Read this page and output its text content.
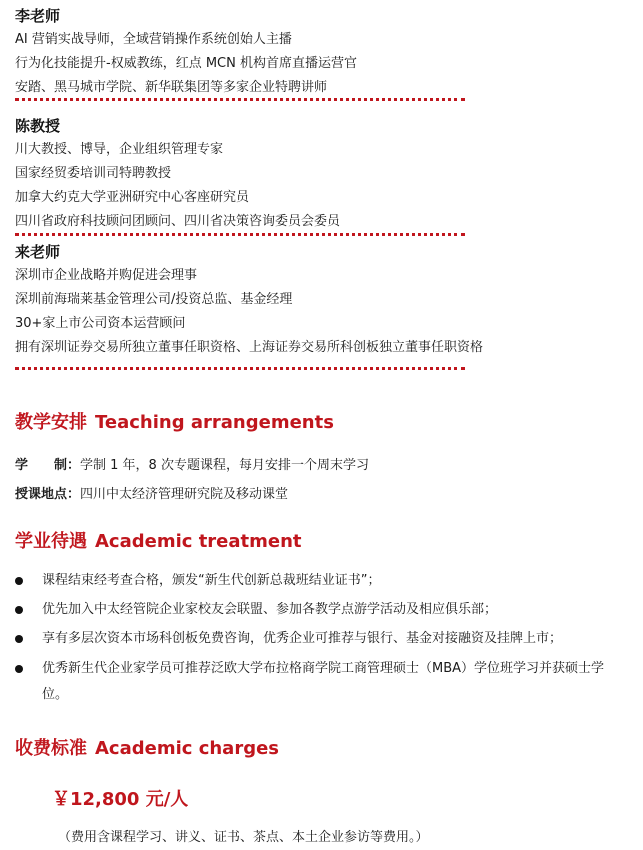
李老师
AI 营销实战导师，全域营销操作系统创始人主播
行为化技能提升-权威教练，红点 MCN 机构首席直播运营官
安踏、黑马城市学院、新华联集团等多家企业特聘讲师
陈教授
川大教授、博导，企业组织管理专家
国家经贸委培训司特聘教授
加拿大约克大学亚洲研究中心客座研究员
四川省政府科技顾问团顾问、四川省决策咨询委员会委员
来老师
深圳市企业战略并购促进会理事
深圳前海瑞莱基金管理公司/投资总监、基金经理
30+家上市公司资本运营顾问
拥有深圳证券交易所独立董事任职资格、上海证券交易所科创板独立董事任职资格
教学安排 Teaching arrangements
学　　制：学制 1 年，8 次专题课程，每月安排一个周末学习
授课地点：四川中太经济管理研究院及移动课堂
学业待遇 Academic treatment
课程结束经考查合格，颁发“新生代创新总裁班结业证书”；
优先加入中太经管院企业家校友会联盟、参加各教学点游学活动及相应俱乐部；
享有多层次资本市场科创板免费咨询，优秀企业可推荐与银行、基金对接融资及挂牌上市；
优秀新生代企业家学员可推荐泛欧大学布拉格商学院工商管理硕士（MBA）学位班学习并获硕士学位。
收费标准 Academic charges
￥12,800 元/人
（费用含课程学习、讲义、证书、茶点、本土企业参访等费用。）
